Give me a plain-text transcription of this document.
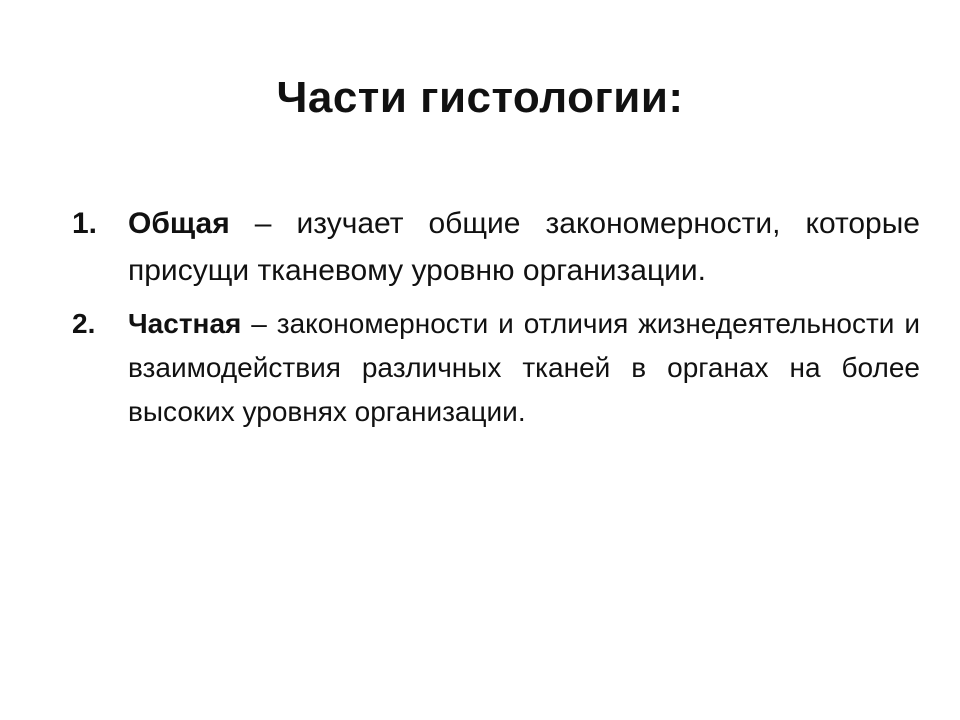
Части гистологии:
1.	Общая – изучает общие закономерности, которые присущи тканевому уровню организации.
2.	Частная – закономерности и отличия жизнедеятельности и взаимодействия различных тканей в органах на более высоких уровнях организации.
